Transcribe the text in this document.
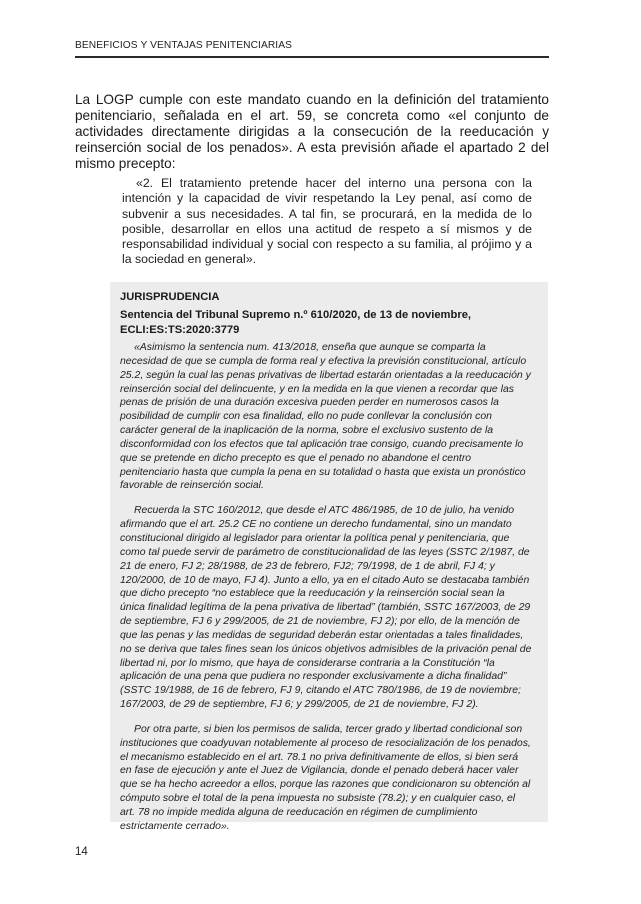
BENEFICIOS Y VENTAJAS PENITENCIARIAS
La LOGP cumple con este mandato cuando en la definición del tratamiento penitenciario, señalada en el art. 59, se concreta como «el conjunto de actividades directamente dirigidas a la consecución de la reeducación y reinserción social de los penados». A esta previsión añade el apartado 2 del mismo precepto:
«2. El tratamiento pretende hacer del interno una persona con la intención y la capacidad de vivir respetando la Ley penal, así como de subvenir a sus necesidades. A tal fin, se procurará, en la medida de lo posible, desarrollar en ellos una actitud de respeto a sí mismos y de responsabilidad individual y social con respecto a su familia, al prójimo y a la sociedad en general».
JURISPRUDENCIA
Sentencia del Tribunal Supremo n.º 610/2020, de 13 de noviembre, ECLI:ES:TS:2020:3779

«Asimismo la sentencia num. 413/2018, enseña que aunque se comparta la necesidad de que se cumpla de forma real y efectiva la previsión constitucional, artículo 25.2, según la cual las penas privativas de libertad estarán orientadas a la reeducación y reinserción social del delincuente, y en la medida en la que vienen a recordar que las penas de prisión de una duración excesiva pueden perder en numerosos casos la posibilidad de cumplir con esa finalidad, ello no pude conllevar la conclusión con carácter general de la inaplicación de la norma, sobre el exclusivo sustento de la disconformidad con los efectos que tal aplicación trae consigo, cuando precisamente lo que se pretende en dicho precepto es que el penado no abandone el centro penitenciario hasta que cumpla la pena en su totalidad o hasta que exista un pronóstico favorable de reinserción social.

Recuerda la STC 160/2012, que desde el ATC 486/1985, de 10 de julio, ha venido afirmando que el art. 25.2 CE no contiene un derecho fundamental, sino un mandato constitucional dirigido al legislador para orientar la política penal y penitenciaria, que como tal puede servir de parámetro de constitucionalidad de las leyes (SSTC 2/1987, de 21 de enero, FJ 2; 28/1988, de 23 de febrero, FJ2; 79/1998, de 1 de abril, FJ 4; y 120/2000, de 10 de mayo, FJ 4). Junto a ello, ya en el citado Auto se destacaba también que dicho precepto “no establece que la reeducación y la reinserción social sean la única finalidad legítima de la pena privativa de libertad” (también, SSTC 167/2003, de 29 de septiembre, FJ 6 y 299/2005, de 21 de noviembre, FJ 2); por ello, de la mención de que las penas y las medidas de seguridad deberán estar orientadas a tales finalidades, no se deriva que tales fines sean los únicos objetivos admisibles de la privación penal de libertad ni, por lo mismo, que haya de considerarse contraria a la Constitución “la aplicación de una pena que pudiera no responder exclusivamente a dicha finalidad” (SSTC 19/1988, de 16 de febrero, FJ 9, citando el ATC 780/1986, de 19 de noviembre; 167/2003, de 29 de septiembre, FJ 6; y 299/2005, de 21 de noviembre, FJ 2).

Por otra parte, si bien los permisos de salida, tercer grado y libertad condicional son instituciones que coadyuvan notablemente al proceso de resocialización de los penados, el mecanismo establecido en el art. 78.1 no priva definitivamente de ellos, si bien será en fase de ejecución y ante el Juez de Vigilancia, donde el penado deberá hacer valer que se ha hecho acreedor a ellos, porque las razones que condicionaron su obtención al cómputo sobre el total de la pena impuesta no subsiste (78.2); y en cualquier caso, el art. 78 no impide medida alguna de reeducación en régimen de cumplimiento estrictamente cerrado».

14
